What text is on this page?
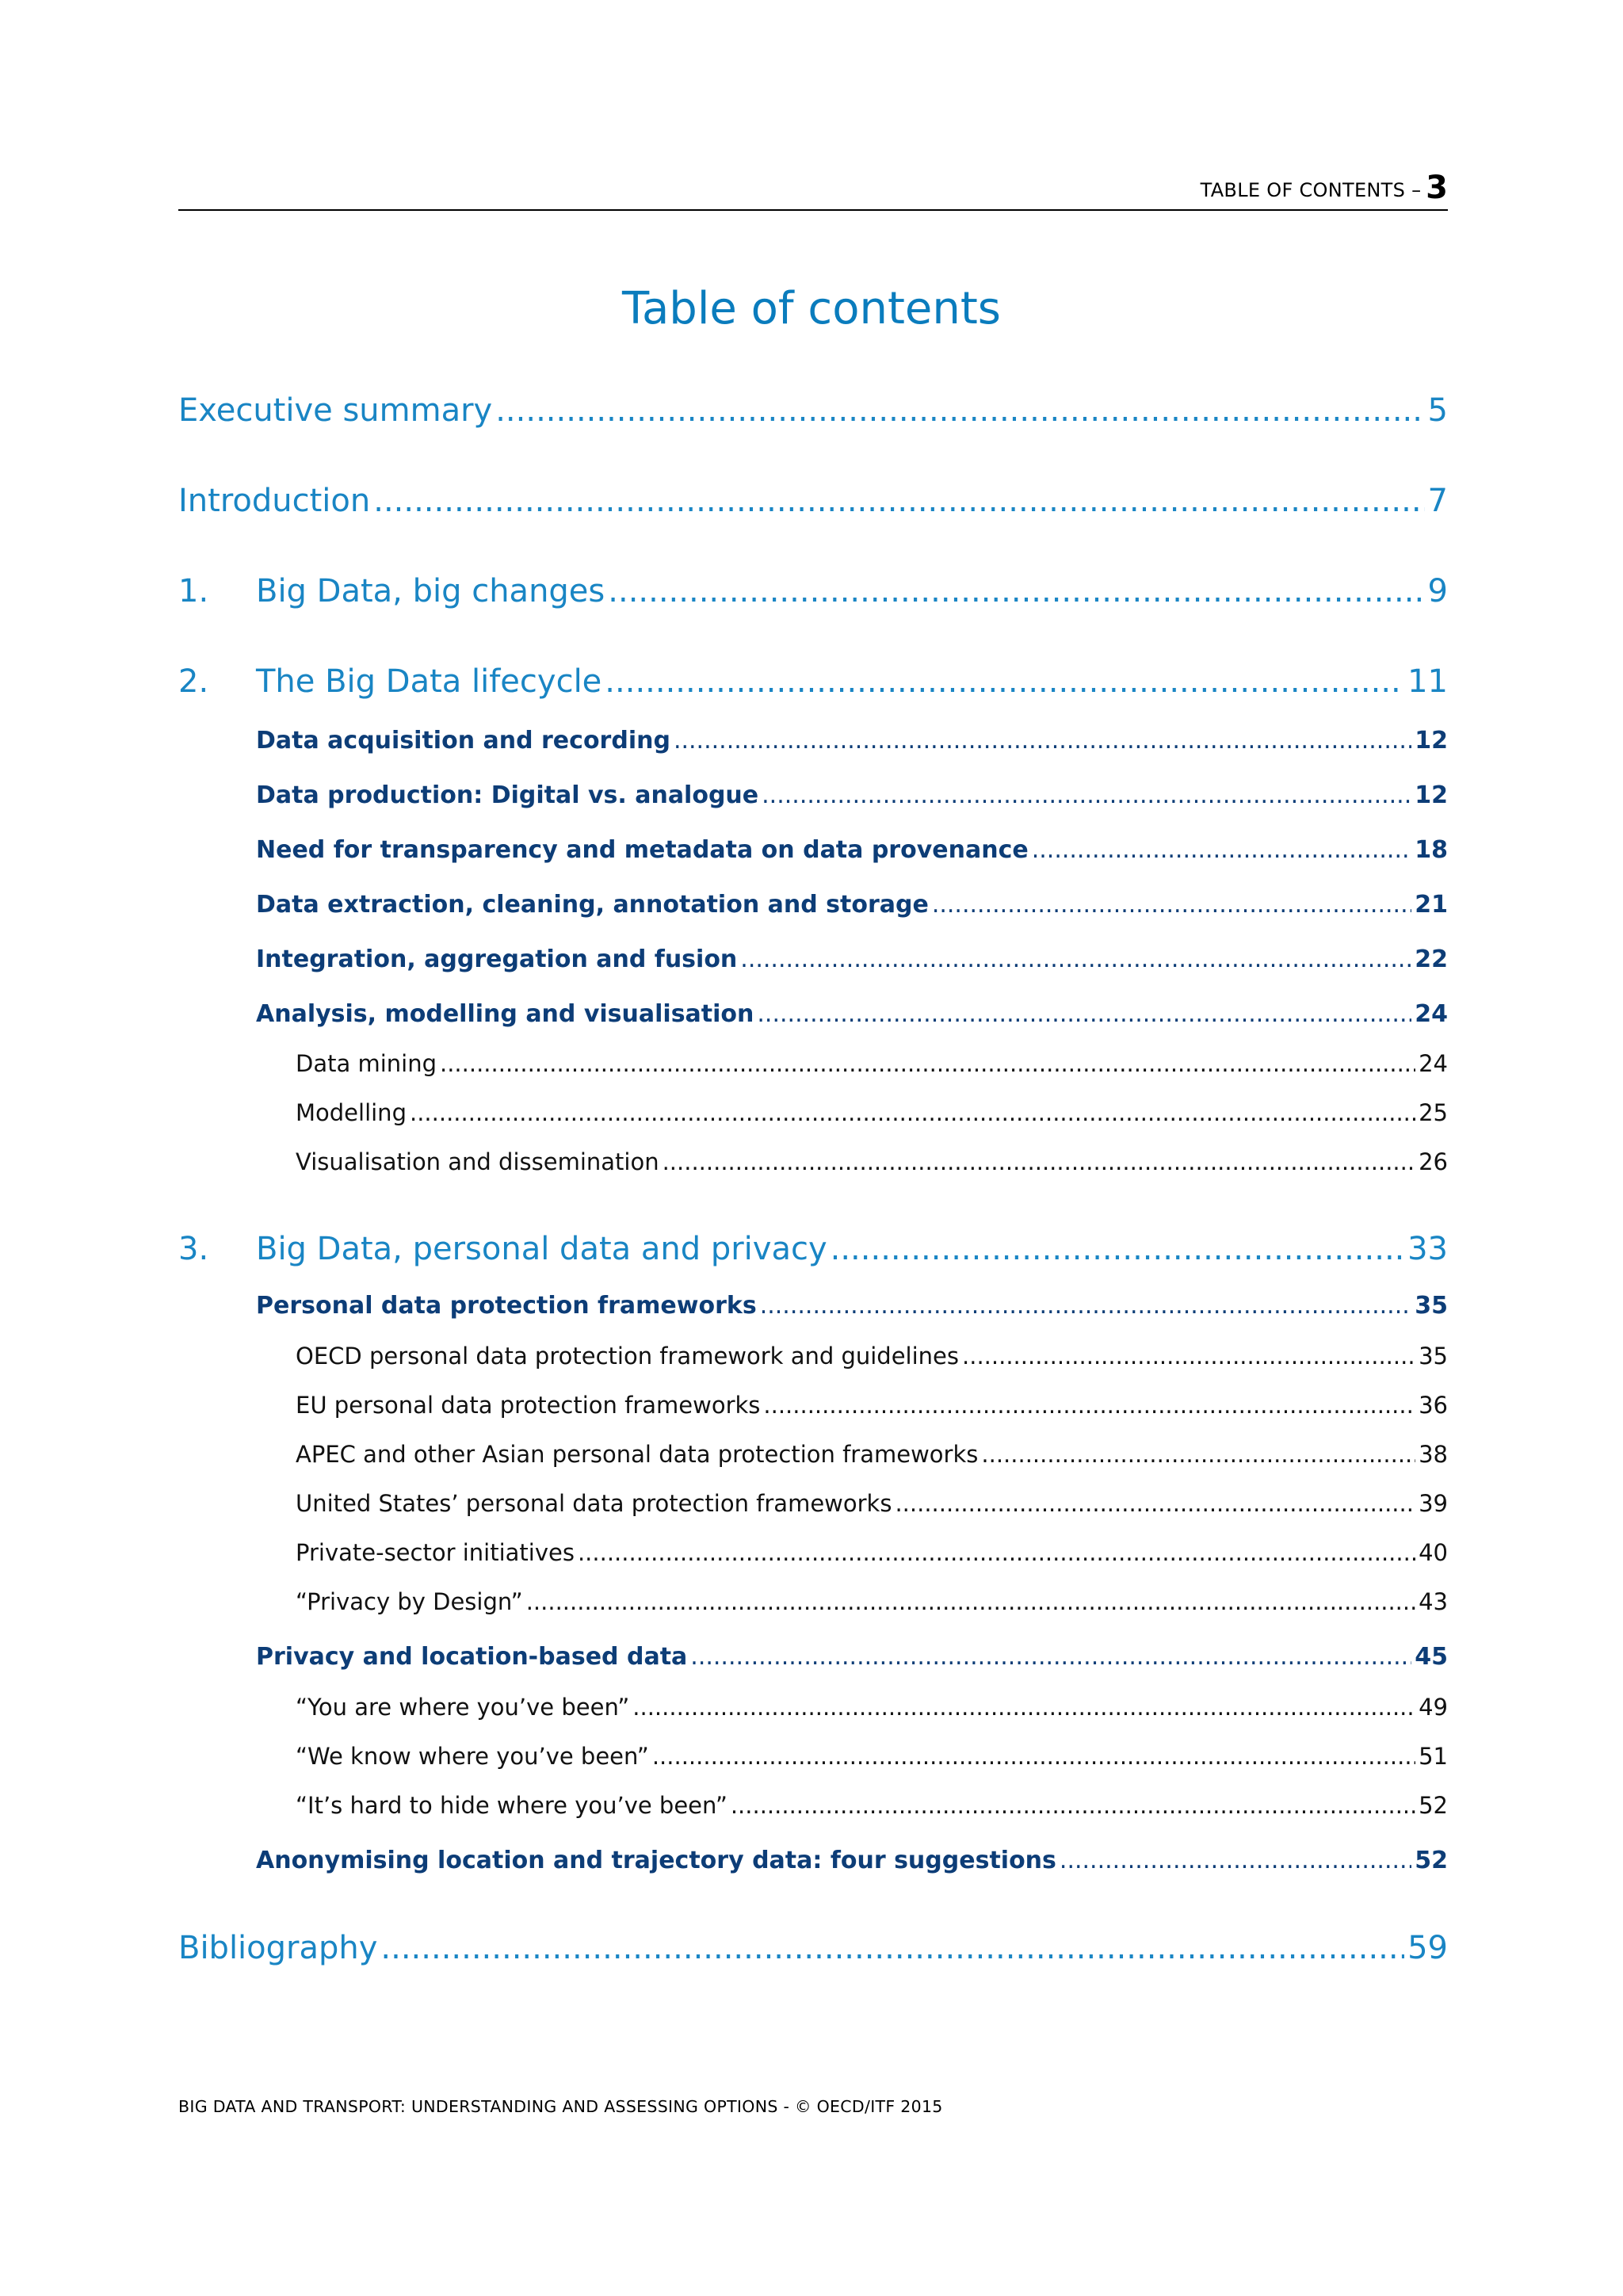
TABLE OF CONTENTS – 3
Table of contents
Executive summary .....	5
Introduction .....	7
1.	Big Data, big changes .....	9
2.	The Big Data lifecycle .....	11
Data acquisition and recording .....	12
Data production: Digital vs. analogue .....	12
Need for transparency and metadata on data provenance .....	18
Data extraction, cleaning, annotation and storage .....	21
Integration, aggregation and fusion .....	22
Analysis, modelling and visualisation .....	24
Data mining .....	24
Modelling .....	25
Visualisation and dissemination .....	26
3.	Big Data, personal data and privacy .....	33
Personal data protection frameworks .....	35
OECD personal data protection framework and guidelines .....	35
EU personal data protection frameworks .....	36
APEC and other Asian personal data protection frameworks .....	38
United States’ personal data protection frameworks .....	39
Private-sector initiatives .....	40
“Privacy by Design” .....	43
Privacy and location-based data .....	45
“You are where you’ve been” .....	49
“We know where you’ve been” .....	51
“It’s hard to hide where you’ve been” .....	52
Anonymising location and trajectory data: four suggestions .....	52
Bibliography .....	59
BIG DATA AND TRANSPORT: UNDERSTANDING AND ASSESSING OPTIONS - © OECD/ITF 2015
